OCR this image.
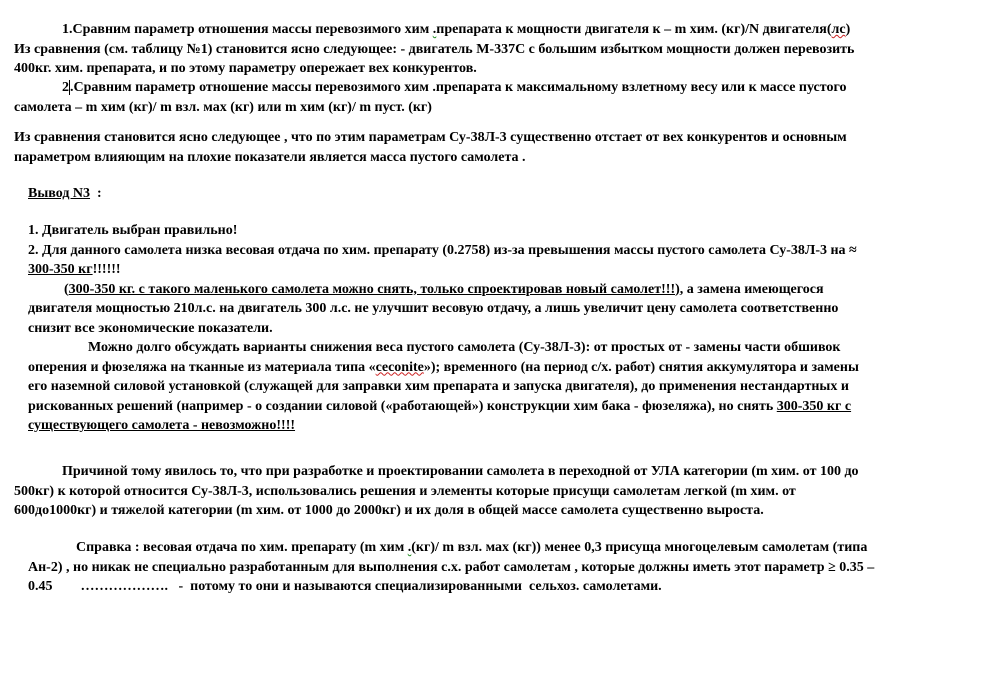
1.Сравним параметр отношения массы перевозимого хим .препарата к мощности двигателя к – m хим. (кг)/N двигателя(лс)
Из сравнения (см. таблицу №1) становится ясно следующее: - двигатель М-337С с большим избытком мощности должен перевозить
400кг. хим. препарата, и по этому параметру опережает вех конкурентов.

2.Сравним параметр отношение массы перевозимого хим .препарата к максимальному взлетному весу или к массе пустого
самолета – m хим (кг)/ m взл. мах (кг) или m хим (кг)/ m пуст. (кг)

Из сравнения становится ясно следующее , что по этим параметрам Су-38Л-3 существенно отстает от вех конкурентов и основным
параметром влияющим на плохие показатели является масса пустого самолета .

Вывод N3  :

1. Двигатель выбран правильно!
2. Для данного самолета низка весовая отдача по хим. препарату (0.2758) из-за превышения массы пустого самолета Су-38Л-3 на ≈
300-350 кг!!!!!!
(300-350 кг. с такого маленького самолета можно снять, только спроектировав новый самолет!!!), а замена имеющегося
двигателя мощностью 210л.с. на двигатель 300 л.с. не улучшит весовую отдачу, а лишь увеличит цену самолета соответственно
снизит все экономические показатели.
Можно долго обсуждать варианты снижения веса пустого самолета (Су-38Л-3): от простых от - замены части обшивок
оперения и фюзеляжа на тканные из материала типа «ceconite»); временного (на период с/х. работ) снятия аккумулятора и замены
его наземной силовой установкой (служащей для заправки хим препарата и запуска двигателя), до применения нестандартных и
рискованных решений (например - о создании силовой («работающей») конструкции хим бака - фюзеляжа), но снять 300-350 кг с
существующего самолета - невозможно!!!!

Причиной тому явилось то, что при разработке и проектировании самолета в переходной от УЛА категории (m хим. от 100 до
500кг) к которой относится Су-38Л-3, использовались решения и элементы которые присущи самолетам легкой (m хим. от
600до1000кг) и тяжелой категории (m хим. от 1000 до 2000кг) и их доля в общей массе самолета существенно выроста.

Справка : весовая отдача по хим. препарату (m хим .(кг)/ m взл. мах (кг)) менее 0,3 присуща многоцелевым самолетам (типа
Ан-2) , но никак не специально разработанным для выполнения с.х. работ самолетам , которые должны иметь этот параметр ≥ 0.35 –
0.45        ……………….   -  потому то они и называются специализированными  сельхоз. самолетами.
